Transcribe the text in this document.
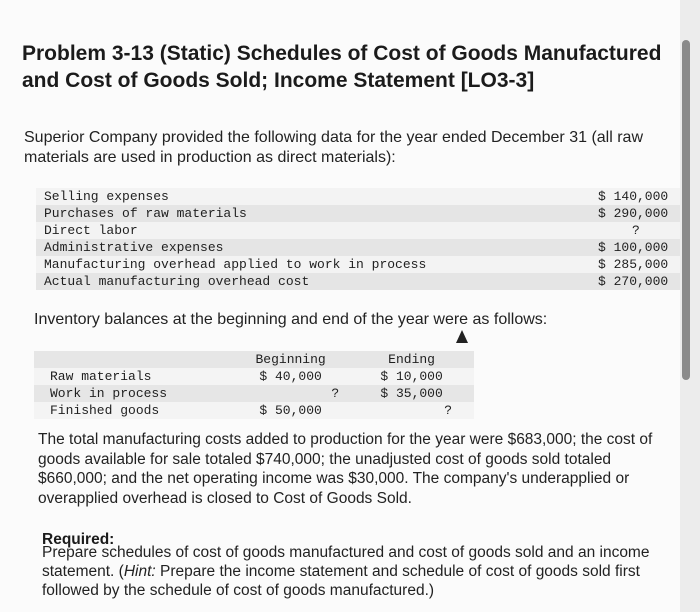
Problem 3-13 (Static) Schedules of Cost of Goods Manufactured and Cost of Goods Sold; Income Statement [LO3-3]
Superior Company provided the following data for the year ended December 31 (all raw materials are used in production as direct materials):
Selling expenses	$ 140,000
Purchases of raw materials	$ 290,000
Direct labor	?
Administrative expenses	$ 100,000
Manufacturing overhead applied to work in process	$ 285,000
Actual manufacturing overhead cost	$ 270,000
Inventory balances at the beginning and end of the year were as follows:
	Beginning	Ending
Raw materials	$ 40,000	$ 10,000
Work in process	?	$ 35,000
Finished goods	$ 50,000	?
The total manufacturing costs added to production for the year were $683,000; the cost of goods available for sale totaled $740,000; the unadjusted cost of goods sold totaled $660,000; and the net operating income was $30,000. The company's underapplied or overapplied overhead is closed to Cost of Goods Sold.
Required:
Prepare schedules of cost of goods manufactured and cost of goods sold and an income statement. (Hint: Prepare the income statement and schedule of cost of goods sold first followed by the schedule of cost of goods manufactured.)
